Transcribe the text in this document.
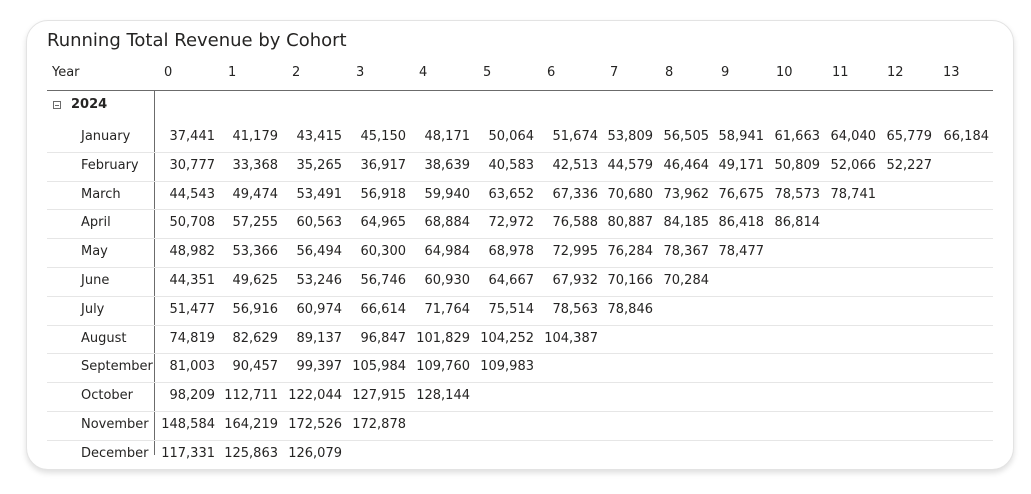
Running Total Revenue by Cohort
Year	0	1	2	3	4	5	6	7	8	9	10	11	12	13
2024
January	37,441 41,179 43,415 45,150 48,171 50,064 51,674 53,809 56,505 58,941 61,663 64,040 65,779 66,184
February 30,777 33,368 35,265 36,917 38,639 40,583 42,513 44,579 46,464 49,171 50,809 52,066 52,227
March	44,543 49,474 53,491 56,918 59,940 63,652 67,336 70,680 73,962 76,675 78,573 78,741
April	50,708 57,255 60,563 64,965 68,884 72,972 76,588 80,887 84,185 86,418 86,814
May	48,982 53,366 56,494 60,300 64,984 68,978 72,995 76,284 78,367 78,477
June	44,351 49,625 53,246 56,746 60,930 64,667 67,932 70,166 70,284
July	51,477 56,916 60,974 66,614 71,764 75,514 78,563 78,846
August	74,819 82,629 89,137 96,847 101,829 104,252 104,387
September 81,003 90,457 99,397 105,984 109,760 109,983
October	98,209 112,711 122,044 127,915 128,144
November 148,584 164,219 172,526 172,878
December 117,331 125,863 126,079
